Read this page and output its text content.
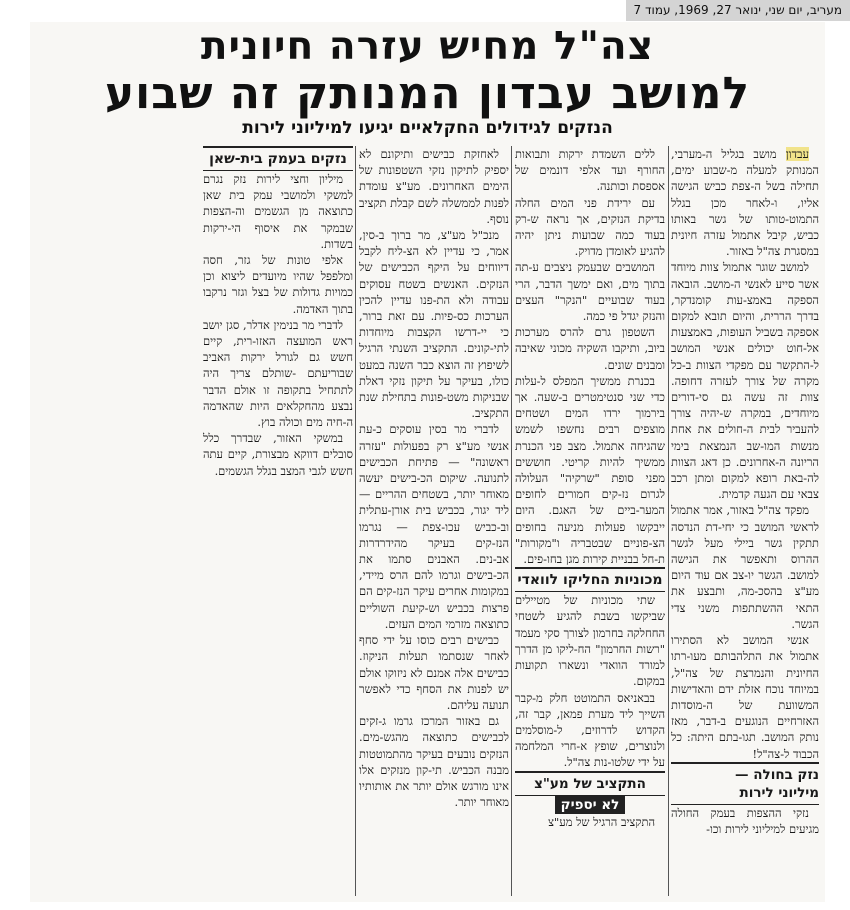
מעריב, יום שני, ינואר 27, 1969, עמוד 7
צה"ל מחיש עזרה חיונית
למושב עבדון המנותק זה שבוע
הנזקים לגידולים החקלאיים יגיעו למיליוני לירות

עבדון מושב בגליל ה-מערבי, המנותק למעלה מ-שבוע ימים, תחילה בשל ה-צפת כביש הגישה אליו, ו-לאחר מכן בגלל התמוט-טותו של גשר באותו כביש, קיבל אתמול עזרה חיונית במסגרת צה"ל באזור.

למושב שוגר אתמול צוות מיוחד אשר סייע לאנשי ה-מושב. הובאה הספקה באמצ-עות קומנדקר, בדרך הררית, והיום תובא למקום אספקה בשביל העופות, באמצעות אל-חוט יכולים אנשי המושב ל-התקשר עם מפקדי הצוות ב-כל מקרה של צורך לעזרה דחופה. צוות זה עשה גם סי-דורים מיוחדים, במקרה ש-יהיה צורך להעביר לבית ה-חולים את אחת מנשות המו-שב הנמצאת בימי הריונה ה-אחרונים. כן דאג הצוות לה-באת רופא למקום ומתן רכב צבאי עם הגעה קדמית.

מפקד צה"ל באזור, אמר אתמול לראשי המושב כי יחי-דת הנדסה תתקין גשר ביילי מעל לגשר ההרוס ותאפשר את הגישה למושב. הגשר יו-צב אם עוד היום מע"צ בהסכ-מה, ותבצע את התאי ההשתתפות משני צדי הגשר.

אנשי המושב לא הסתירו אתמול את התלהבותם מעו-רתו החיונית והנמרצת של צה"ל, במיוחד נוכח אזלת ידם והאדישות המשוועת של ה-מוסדות האזרחיים הנוגעים ב-דבר, מאז נותק המושב. תגו-בתם היתה: כל הכבוד ל-צה"ל!

נזק בחולה —
מיליוני לירות

נזקי ההצפות בעמק החולה מגיעים למיליוני לירות וכו-

ללים השמדת ירקות ותבואות החורף ועד אלפי דונמים של אספסת וכותנה.

עם ירידת פני המים החלה בדיקת הנזקים, אך נראה ש-רק בעוד כמה שבועות ניתן יהיה להגיע לאומדן מדויק.

המושבים שבעמק ניצבים ע-תה בתוך מים, ואם ימשך הדבר, הרי בעוד שבועיים "הנקר" העצים והנזק יגדל פי כמה.

השטפון גרם להרס מערכות ביוב, ותיקבו השקיה מכוני שאיבה ומבנים שונים.

בכנרת ממשיך המפלס ל-עלות כדי שני סנטימטרים ב-שעה. אך בירמוך ירדו המים ושטחים מוצפים רבים נחשפו לשמש שהגיחה אתמול. מצב פני הכנרת ממשיך להיות קריטי. חוששים מפני סופת "שרקיה" העלולה לגרום נז-קים חמורים לחופים המער-ביים של האגם. היום ייבקשו פעולות מניעה בחופים הצ-פוניים שבטבריה ו"מקורות" ת-חל בבניית קירות מגן בחו-פים.

מכוניות החליקו לוואדי

שתי מכוניות של מטיילים שביקשו בשבת להגיע לשטחי החחלקה בחרמון לצורך סקי מעמד "רשות החרמון" הח-ליקו מן הדרך למורד הוואדי ונשארו תקועות במקום.

בבאניאס התמוטט חלק מ-קבר השייך ליד מערת פמאן, קבר זה, הקדוש לדרוזים, ל-מוסלמים ולנוצרים, שופץ א-חרי המלחמה על ידי שלטו-נות צה"ל.

התקציב של מע"צ

לא יספיק

התקציב הרגיל של מע"צ

לאחזקת כבישים ותיקונם לא יספיק לתיקון נזקי השטפונות של הימים האחרונים. מע"צ עומדת לפנות לממשלה לשם קבלת תקציב נוסף.

מנכ"ל מע"צ, מר ברוך ב-סין, אמר, כי עדיין לא הצ-ליח לקבל דיווחים על היקף הכבישים של הנזקים. האנשים בשטח עסוקים עבודה ולא הת-פנו עדיין להכין הערכות כס-פיות. עם זאת ברור, כי יי-דרשו הקצבות מיוחדות לתי-קונים. התקציב השנתי הרגיל לשיפוץ זה הוצא כבר השנה במעט כולו, בעיקר על תיקון נזקי דאלת שבניקות משט-פונות בתחילת שנת התקציב.

לדברי מר בסין עוסקים כ-עת אנשי מע"צ רק בפעולות "עזרה ראשונה" — פתיחת הכבישים לתנועה. שיקום הכ-בישים יעשה מאוחר יותר, בשטחים ההריים — ליד יגור, בכביש בית אורן-עתלית וב-כביש עכו-צפת — נגרמו הנז-קים בעיקר מהידרדרות אב-נים. האבנים סתמו את הכ-בישים וגרמו להם הרס מיידי, במקומות אחרים עיקר הנז-קים הם פרצות בכביש וש-קיעת השוליים כתוצאה מזרמי המים העזים.

כבישים רבים כוסו על ידי סחף לאחר שנסתמו תעלות הניקוז. כבישים אלה אמנם לא ניזוקו אולם יש לפנות את הסחף כדי לאפשר תנועה עליהם.

גם באזור המרכז גרמו ג-זקים לכבישים כתוצאה מהגש-מים. הנזקים נובעים בעיקר מהתמוטטות מבנה הכביש. תי-קון מנזקים אלו אינו מורגש אולם יותר את אותותיו מאוחר יותר.

נזקים בעמק בית-שאן

מיליון וחצי לירות נזק נגרם למשקי ולמושבי עמק בית שאן כתוצאה מן הגשמים וה-הצפות שבמקר את איסוף הי-ירקות בשדות.

אלפי טונות של גזר, חסה ומלפפל שהיו מיועדים ליצוא וכן כמויות גדולות של בצל וגזר נרקבו בתוך האדמה.

לדברי מר בנימין אדלר, סגן יושב ראש המועצה האזו-רית, קיים חשש גם לגורל ירקות האביב שבוריעתם -שותלם צריך היה לתתחיל בתקופה זו אולם הדבר נבצע מהחקלאים היות שהאדמה ה-חיה מים וכולה בוץ.

במשקי האזור, שבדרך כלל סובלים דווקא מבצורת, קיים עתה חשש לגבי המצב בגלל הגשמים.
